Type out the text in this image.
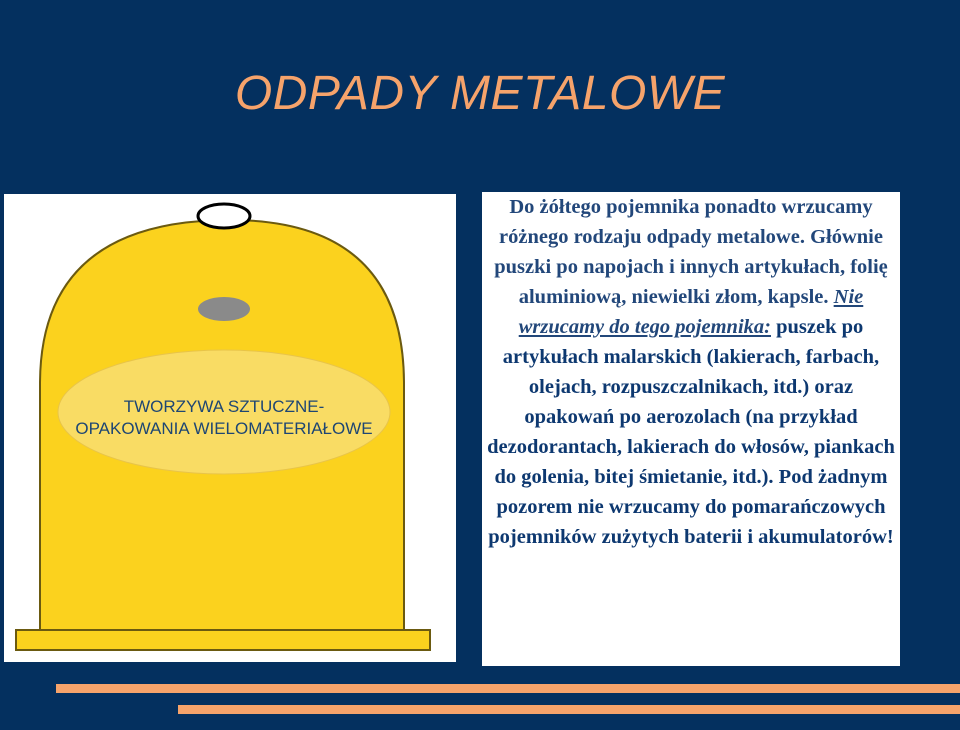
ODPADY METALOWE
TWORZYWA SZTUCZNE-
OPAKOWANIA WIELOMATERIAŁOWE

Do żółtego pojemnika ponadto wrzucamy różnego rodzaju odpady metalowe. Głównie puszki po napojach i innych artykułach, folię aluminiową, niewielki złom, kapsle. Nie wrzucamy do tego pojemnika: puszek po artykułach malarskich (lakierach, farbach, olejach, rozpuszczalnikach, itd.) oraz opakowań po aerozolach (na przykład dezodorantach, lakierach do włosów, piankach do golenia, bitej śmietanie, itd.). Pod żadnym pozorem nie wrzucamy do pomarańczowych pojemników zużytych baterii i akumulatorów!
